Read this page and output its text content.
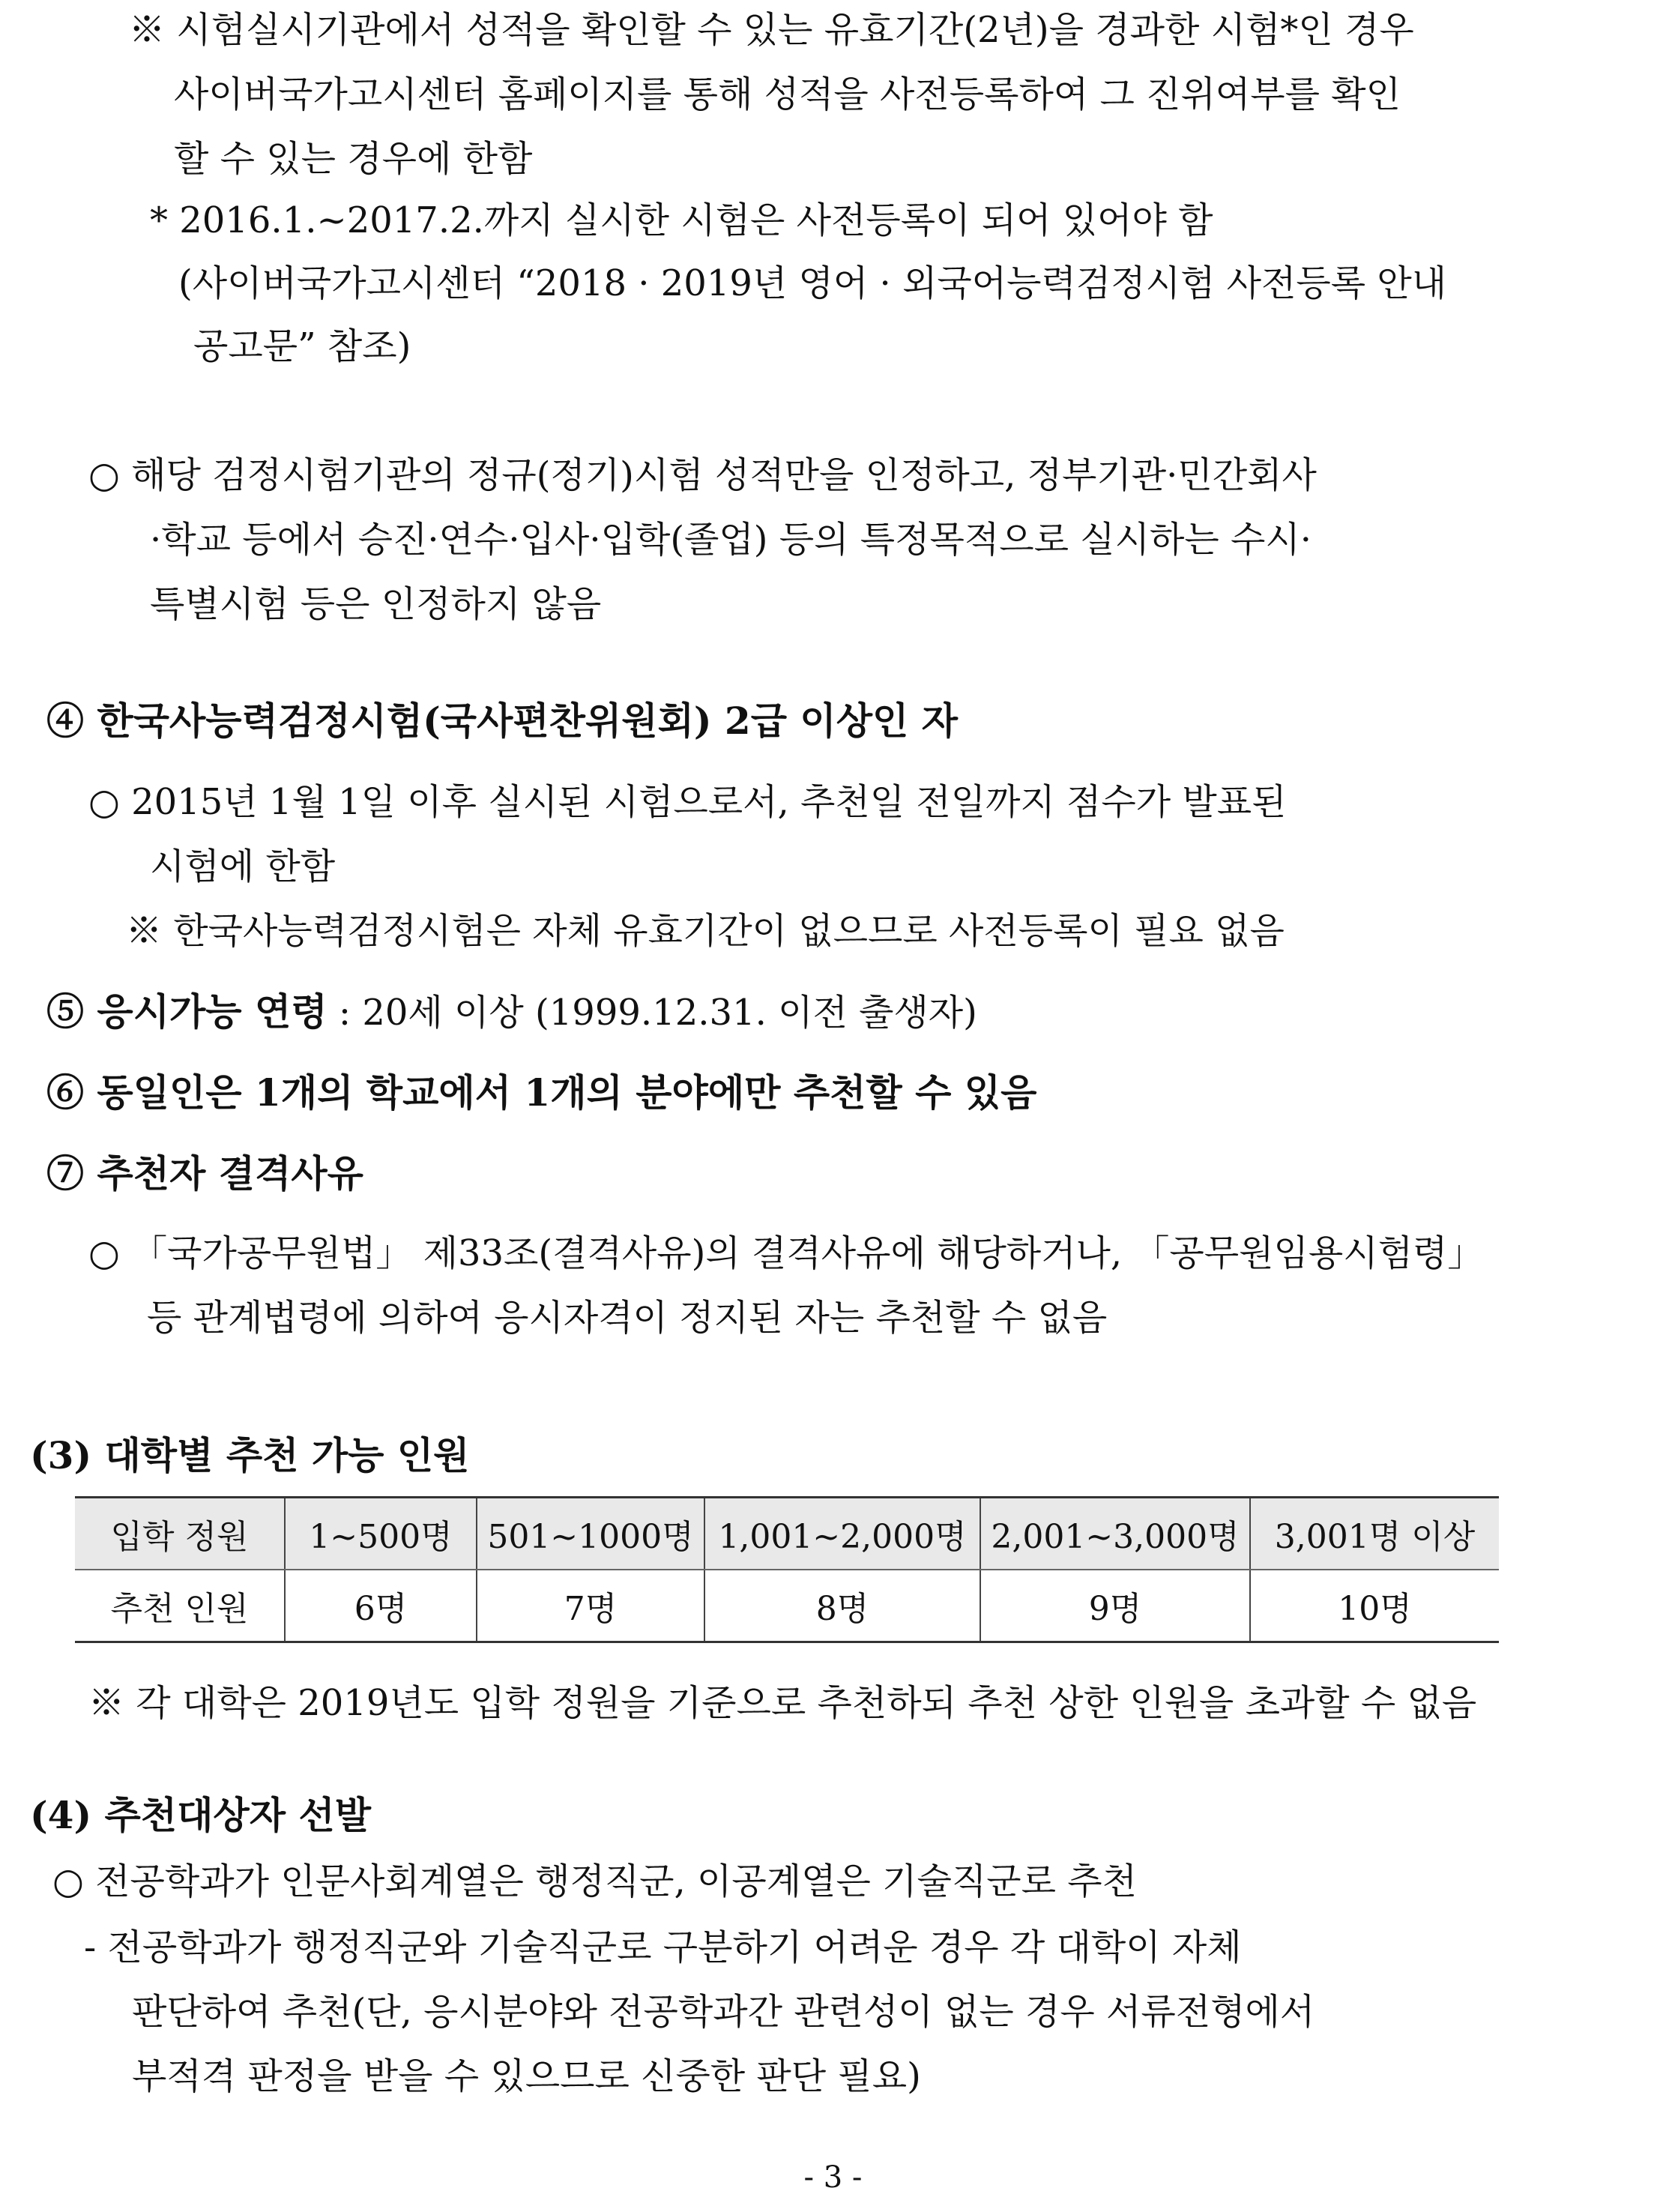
※ 시험실시기관에서 성적을 확인할 수 있는 유효기간(2년)을 경과한 시험*인 경우

사이버국가고시센터 홈페이지를 통해 성적을 사전등록하여 그 진위여부를 확인

할 수 있는 경우에 한함

* 2016.1.~2017.2.까지 실시한 시험은 사전등록이 되어 있어야 함

(사이버국가고시센터 “2018 · 2019년 영어 · 외국어능력검정시험 사전등록 안내

공고문” 참조)

○ 해당 검정시험기관의 정규(정기)시험 성적만을 인정하고, 정부기관·민간회사

·학교 등에서 승진·연수·입사·입학(졸업) 등의 특정목적으로 실시하는 수시·

특별시험 등은 인정하지 않음

④ 한국사능력검정시험(국사편찬위원회) 2급 이상인 자

○ 2015년 1월 1일 이후 실시된 시험으로서, 추천일 전일까지 점수가 발표된

시험에 한함

※ 한국사능력검정시험은 자체 유효기간이 없으므로 사전등록이 필요 없음

⑤ 응시가능 연령 : 20세 이상 (1999.12.31. 이전 출생자)

⑥ 동일인은 1개의 학교에서 1개의 분야에만 추천할 수 있음

⑦ 추천자 결격사유

○ 「국가공무원법」 제33조(결격사유)의 결격사유에 해당하거나, 「공무원임용시험령」

등 관계법령에 의하여 응시자격이 정지된 자는 추천할 수 없음

(3) 대학별 추천 가능 인원

입학 정원	1~500명	501~1000명	1,001~2,000명	2,001~3,000명	3,001명 이상
추천 인원	6명	7명	8명	9명	10명

※ 각 대학은 2019년도 입학 정원을 기준으로 추천하되 추천 상한 인원을 초과할 수 없음

(4) 추천대상자 선발

○ 전공학과가 인문사회계열은 행정직군, 이공계열은 기술직군로 추천

- 전공학과가 행정직군와 기술직군로 구분하기 어려운 경우 각 대학이 자체

판단하여 추천(단, 응시분야와 전공학과간 관련성이 없는 경우 서류전형에서

부적격 판정을 받을 수 있으므로 신중한 판단 필요)

- 3 -
